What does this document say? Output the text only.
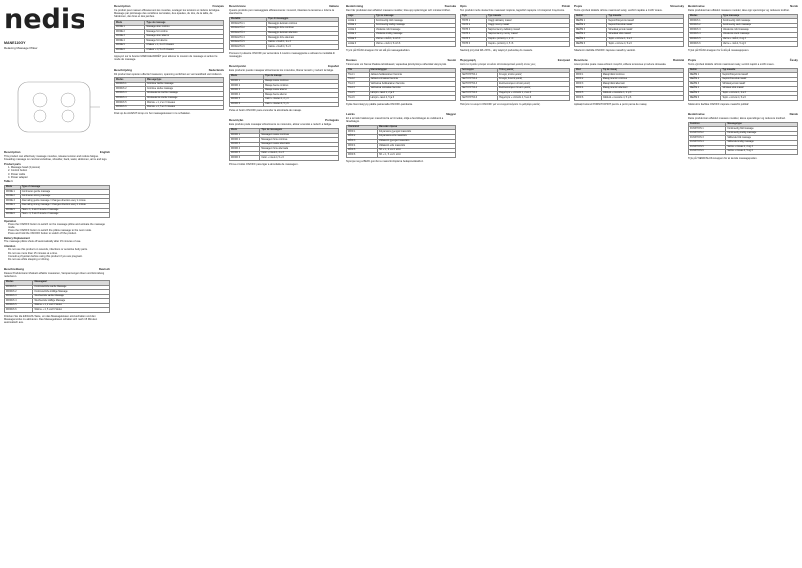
nedis
MANE110GY
Relaxing Massage Pillow
Description	English

This product can effectively massage muscles, release tension and reduce fatigue. Kneading massage on cervical vertebrae, shoulder, back, waist, abdomen, arms and legs.

Product parts
• 1. Massage head (4 pieces)
• 2. Control button
• 3. Power cable
• 4. Power adapter
Table 1
Mode	Type of massage
MODE 1	Continuous gentle massage
MODE 2	Continuous strong massage
MODE 3	Alternating gentle massage / Changes direction every 1 minute
MODE 4	Alternating strong massage / Changes direction every 1 minute
MODE 5	Heat + 1, 2 and 3 levels of massage
MODE 6	Heat + 4, 5 and 6 levels of massage
Operation
• Press the ON/OFF button to switch on the massage pillow and activate the massage mode.
• Press the ON/OFF button to switch the pillow massage to the next mode.
• Press and hold the ON/OFF button to switch off the product.
Battery Replacement

The massage pillow shuts off automatically after 15 minutes of use.

Attention
• Do not use this product on wounds, infections or sensitive body parts.
• Do not use more than 15 minutes at a time.
• Consult a physician before using this product if you are pregnant.
• Do not use while sleeping or driving.
Beschreibung	Deutsch

Dieses Produkt kann Muskeln effektiv massieren, Verspannungen lösen und Ermüdung reduzieren.

Modus	Massageart
MODUS 1	Kontinuierliche sanfte Massage
MODUS 2	Kontinuierliche kräftige Massage
MODUS 3	Wechselnde sanfte Massage
MODUS 4	Wechselnde kräftige Massage
MODUS 5	Wärme + 1, 2 und 3 Stufen
MODUS 6	Wärme + 4, 5 und 6 Stufen

Drücken Sie die EIN/AUS-Taste, um das Massagekissen einzuschalten und den Massagemodus zu aktivieren. Das Massagekissen schaltet sich nach 15 Minuten automatisch aus.

Description	Français

Ce produit peut masser efficacement les muscles, soulager les tensions et réduire la fatigue. Massage par pétrissage des vertèbres cervicales, des épaules, du dos, de la taille, de l'abdomen, des bras et des jambes.

Mode	Type de massage
MODE 1	Massage doux continu
MODE 2	Massage fort continu
MODE 3	Massage doux alterné
MODE 4	Massage fort alterné
MODE 5	Chaleur + 1, 2 et 3 niveaux
MODE 6	Chaleur + 4, 5 et 6 niveaux

Appuyez sur le bouton MARCHE/ARRÊT pour allumer le coussin de massage et activer le mode de massage.

Beschrijving	Nederlands

Dit product kan spieren effectief masseren, spanning verlichten en vermoeidheid verminderen.

Modus	Massagetype
MODUS 1	Continue zachte massage
MODUS 2	Continue sterke massage
MODUS 3	Afwisselende zachte massage
MODUS 4	Afwisselende sterke massage
MODUS 5	Warmte + 1, 2 en 3 niveaus
MODUS 6	Warmte + 4, 5 en 6 niveaus

Druk op de AAN/UIT-knop om het massagekussen in te schakelen.

Descrizione	Italiano

Questo prodotto può massaggiare efficacemente i muscoli, rilasciare la tensione e ridurre la stanchezza.

Modalità	Tipo di massaggio
MODALITÀ 1	Massaggio delicato continuo
MODALITÀ 2	Massaggio forte continuo
MODALITÀ 3	Massaggio delicato alternato
MODALITÀ 4	Massaggio forte alternato
MODALITÀ 5	Calore + livelli 1, 2 e 3
MODALITÀ 6	Calore + livelli 4, 5 e 6

Premere il pulsante ON/OFF per accendere il cuscino massaggiante e attivare la modalità di massaggio.

Descripción	Español

Este producto puede masajear eficazmente los músculos, liberar tensión y reducir la fatiga.

Modo	Tipo de masaje
MODO 1	Masaje suave continuo
MODO 2	Masaje fuerte continuo
MODO 3	Masaje suave alterno
MODO 4	Masaje fuerte alterno
MODO 5	Calor + niveles 1, 2 y 3
MODO 6	Calor + niveles 4, 5 y 6

Pulse el botón ON/OFF para encender la almohada de masaje.

Descrição	Português

Este produto pode massajar eficazmente os músculos, aliviar a tensão e reduzir a fadiga.

Modo	Tipo de massagem
MODO 1	Massagem suave contínua
MODO 2	Massagem forte contínua
MODO 3	Massagem suave alternada
MODO 4	Massagem forte alternada
MODO 5	Calor + níveis 1, 2 e 3
MODO 6	Calor + níveis 4, 5 e 6

Prima o botão ON/OFF para ligar a almofada de massagem.

Beskrivning	Svenska

Den här produkten kan effektivt massera muskler, lösa upp spänningar och minska trötthet.

Läge	Typ av massage
LÄGE 1	Kontinuerlig mild massage
LÄGE 2	Kontinuerlig kraftig massage
LÄGE 3	Växlande mild massage
LÄGE 4	Växlande kraftig massage
LÄGE 5	Värme + nivå 1, 2 och 3
LÄGE 6	Värme + nivå 4, 5 och 6

Tryck på PÅ/AV-knappen för att slå på massagekudden.

Kuvaus	Suomi

Tämä tuote voi hieroa lihaksia tehokkaasti, vapauttaa jännitystä ja vähentää väsymystä.

Tila	Hierontatyyppi
TILA 1	Jatkuva hellävarainen hieronta
TILA 2	Jatkuva voimakas hieronta
TILA 3	Vaihteleva hellävarainen hieronta
TILA 4	Vaihteleva voimakas hieronta
TILA 5	Lämpö + tasot 1, 2 ja 3
TILA 6	Lämpö + tasot 4, 5 ja 6

Kytke hierontatyyny päälle painamalla ON/OFF-painiketta.

Leírás	Magyar

Ez a termék hatékonyan masszírozza az izmokat, oldja a feszültséget és csökkenti a fáradtságot.

Üzemmód	Masszázs típusa
MÓD 1	Folyamatos gyengéd masszázs
MÓD 2	Folyamatos erős masszázs
MÓD 3	Váltakozó gyengéd masszázs
MÓD 4	Váltakozó erős masszázs
MÓD 5	Hő + 1., 2. és 3. szint
MÓD 6	Hő + 4., 5. és 6. szint

Nyomja meg a BE/KI gombot a masszírozópárna bekapcsolásához.

Opis	Polski

Ten produkt może skutecznie masować mięśnie, łagodzić napięcie i zmniejszać zmęczenie.

Tryb	Typ masażu
TRYB 1	Ciągły delikatny masaż
TRYB 2	Ciągły mocny masaż
TRYB 3	Naprzemienny delikatny masaż
TRYB 4	Naprzemienny mocny masaż
TRYB 5	Ciepło + poziomy 1, 2 i 3
TRYB 6	Ciepło + poziomy 4, 5 i 6

Naciśnij przycisk WŁ./WYŁ., aby włączyć poduszkę do masażu.

Περιγραφή	Ελληνικά

Αυτό το προϊόν μπορεί να κάνει αποτελεσματικό μασάζ στους μυς.

Λειτουργία	Τύπος μασάζ
ΛΕΙΤΟΥΡΓΙΑ 1	Συνεχές απαλό μασάζ
ΛΕΙΤΟΥΡΓΙΑ 2	Συνεχές δυνατό μασάζ
ΛΕΙΤΟΥΡΓΙΑ 3	Εναλλασσόμενο απαλό μασάζ
ΛΕΙΤΟΥΡΓΙΑ 4	Εναλλασσόμενο δυνατό μασάζ
ΛΕΙΤΟΥΡΓΙΑ 5	Θερμότητα + επίπεδα 1, 2 και 3
ΛΕΙΤΟΥΡΓΙΑ 6	Θερμότητα + επίπεδα 4, 5 και 6

Πατήστε το κουμπί ON/OFF για να ενεργοποιήσετε το μαξιλάρι μασάζ.

Popis	Slovensky

Tento výrobok dokáže účinne masírovať svaly, uvoľniť napätie a znížiť únavu.

Režim	Typ masáže
REŽIM 1	Nepretržitá jemná masáž
REŽIM 2	Nepretržitá silná masáž
REŽIM 3	Striedavá jemná masáž
REŽIM 4	Striedavá silná masáž
REŽIM 5	Teplo + úrovne 1, 2 a 3
REŽIM 6	Teplo + úrovne 4, 5 a 6

Stlačením tlačidla ON/OFF zapnete masážny vankúš.

Descriere	Română

Acest produs poate masa eficient mușchii, elibera tensiunea și reduce oboseala.

Mod	Tip de masaj
MOD 1	Masaj blând continuu
MOD 2	Masaj puternic continuu
MOD 3	Masaj blând alternant
MOD 4	Masaj puternic alternant
MOD 5	Căldură + nivelurile 1, 2 și 3
MOD 6	Căldură + nivelurile 4, 5 și 6

Apăsați butonul PORNIT/OPRIT pentru a porni perna de masaj.

Beskrivelse	Norsk

Dette produktet kan effektivt massere muskler, løse opp spenninger og redusere tretthet.

Modus	Type massasje
MODUS 1	Kontinuerlig mild massasje
MODUS 2	Kontinuerlig sterk massasje
MODUS 3	Vekslende mild massasje
MODUS 4	Vekslende sterk massasje
MODUS 5	Varme + nivå 1, 2 og 3
MODUS 6	Varme + nivå 4, 5 og 6

Trykk på PÅ/AV-knappen for å slå på massasjeputen.

Popis	Česky

Tento výrobek dokáže účinně masírovat svaly, uvolnit napětí a snížit únavu.

Režim	Typ masáže
REŽIM 1	Nepřetržitá jemná masáž
REŽIM 2	Nepřetržitá silná masáž
REŽIM 3	Střídavá jemná masáž
REŽIM 4	Střídavá silná masáž
REŽIM 5	Teplo + úrovně 1, 2 a 3
REŽIM 6	Teplo + úrovně 4, 5 a 6

Stisknutím tlačítka ON/OFF zapnete masážní polštář.

Beskrivelse	Dansk

Dette produkt kan effektivt massere muskler, løsne spændinger og reducere træthed.

Funktion	Massagetype
FUNKTION 1	Kontinuerlig blid massage
FUNKTION 2	Kontinuerlig kraftig massage
FUNKTION 3	Skiftende blid massage
FUNKTION 4	Skiftende kraftig massage
FUNKTION 5	Varme + niveau 1, 2 og 3
FUNKTION 6	Varme + niveau 4, 5 og 6

Tryk på TÆND/SLUK-knappen for at tænde massagepuden.
